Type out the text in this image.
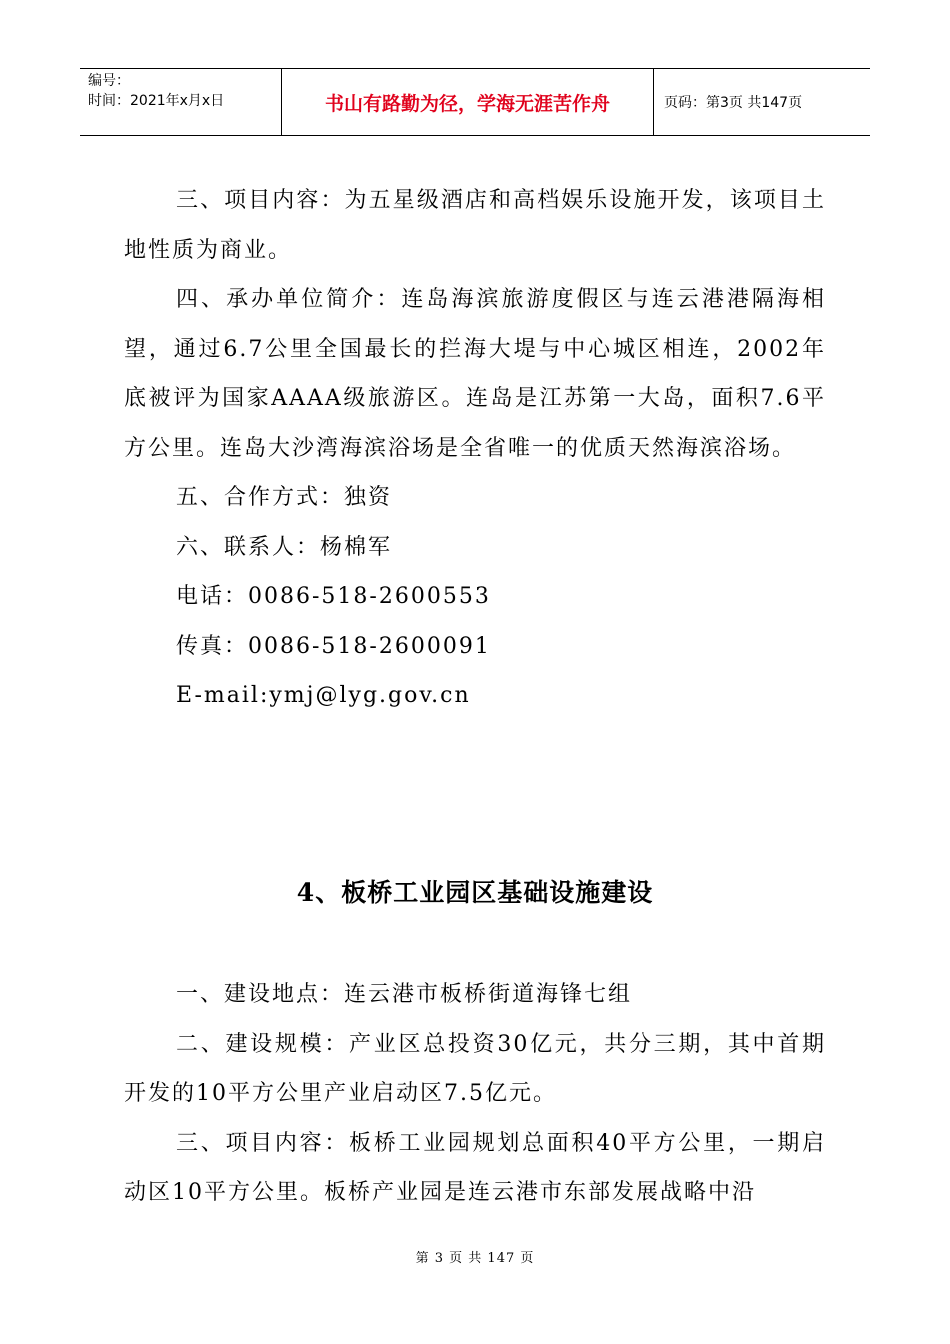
编号：
时间：2021年x月x日	书山有路勤为径，学海无涯苦作舟	页码：第3页 共147页

三、项目内容：为五星级酒店和高档娱乐设施开发，该项目土地性质为商业。

四、承办单位简介：连岛海滨旅游度假区与连云港港隔海相望，通过6.7公里全国最长的拦海大堤与中心城区相连，2002年底被评为国家AAAA级旅游区。连岛是江苏第一大岛，面积7.6平方公里。连岛大沙湾海滨浴场是全省唯一的优质天然海滨浴场。

五、合作方式：独资

六、联系人：杨棉军

电话：0086-518-2600553

传真：0086-518-2600091

E-mail:ymj@lyg.gov.cn

4、板桥工业园区基础设施建设

一、建设地点：连云港市板桥街道海锋七组

二、建设规模：产业区总投资30亿元，共分三期，其中首期开发的10平方公里产业启动区7.5亿元。

三、项目内容：板桥工业园规划总面积40平方公里，一期启动区10平方公里。板桥产业园是连云港市东部发展战略中沿

第 3 页 共 147 页
